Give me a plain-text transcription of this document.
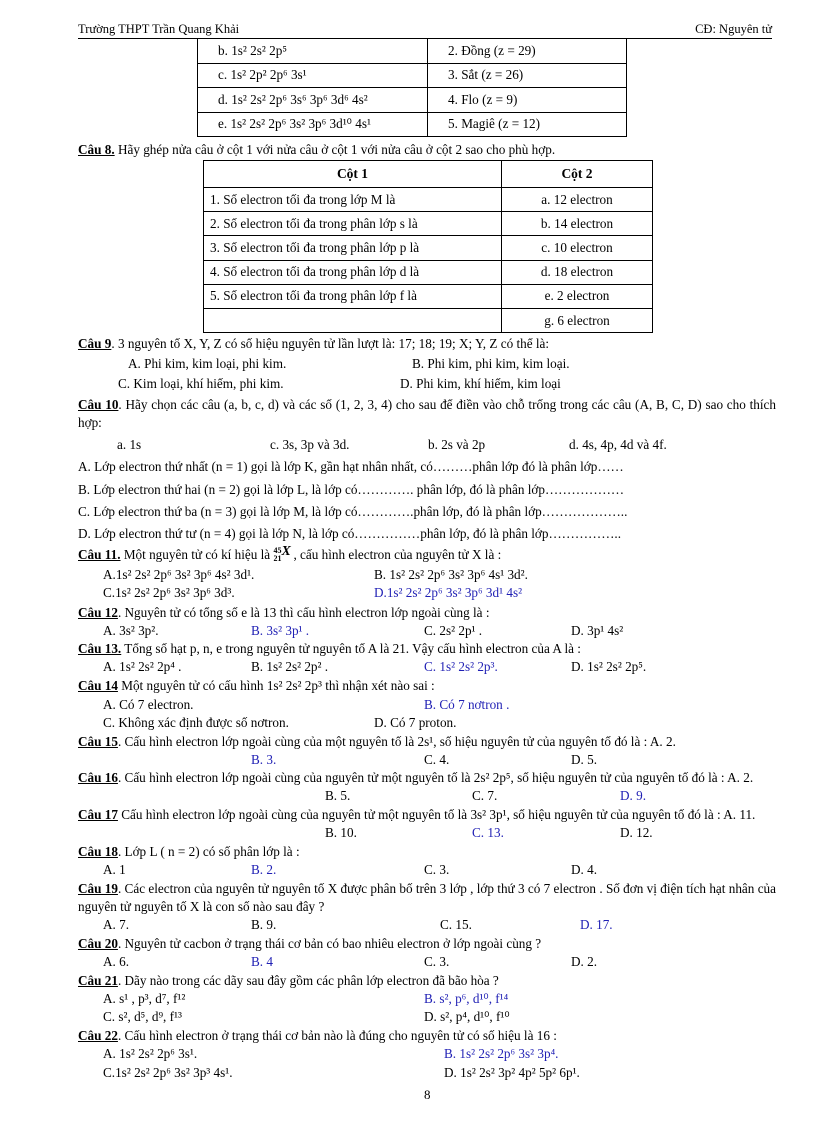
Trường THPT Trần Quang Khải	CĐ: Nguyên tử
b. 1s² 2s² 2p⁵	2. Đồng (z = 29)
c. 1s² 2p² 2p⁶ 3s¹	3. Sắt (z = 26)
d. 1s² 2s² 2p⁶ 3s⁶ 3p⁶ 3d⁶ 4s²	4. Flo (z = 9)
e. 1s² 2s² 2p⁶ 3s² 3p⁶ 3d¹⁰ 4s¹	5. Magiê (z = 12)
Câu 8. Hãy ghép nửa câu ở cột 1 với nửa câu ở cột 1 với nửa câu ở cột 2 sao cho phù hợp.
Cột 1	Cột 2
1. Số electron tối đa trong lớp M là	a. 12 electron
2. Số electron tối đa trong phân lớp s là	b. 14 electron
3. Số electron tối đa trong phân lớp p là	c. 10 electron
4. Số electron tối đa trong phân lớp d là	d. 18 electron
5. Số electron tối đa trong phân lớp f là	e. 2 electron
	g. 6 electron
Câu 9. 3 nguyên tố X, Y, Z có số hiệu nguyên tử lần lượt là: 17; 18; 19; X; Y, Z có thể là:
A. Phi kim, kim loại, phi kim.	B. Phi kim, phi kim, kim loại.
C. Kim loại, khí hiếm, phi kim.	D. Phi kim, khí hiếm, kim loại
Câu 10. Hãy chọn các câu (a, b, c, d) và các số (1, 2, 3, 4) cho sau để điền vào chỗ trống trong các câu (A, B, C, D) sao cho thích hợp:
a. 1s	c. 3s, 3p và 3d.	b. 2s và 2p	d. 4s, 4p, 4d và 4f.
A. Lớp electron thứ nhất (n = 1) gọi là lớp K, gần hạt nhân nhất, có………phân lớp đó là phân lớp……
B. Lớp electron thứ hai (n = 2) gọi là lớp L, là lớp có…………. phân lớp, đó là phân lớp………………
C. Lớp electron thứ ba (n = 3) gọi là lớp M, là lớp có………….phân lớp, đó là phân lớp………………..
D. Lớp electron thứ tư (n = 4) gọi là lớp N, là lớp có……………phân lớp, đó là phân lớp……………..
Câu 11. Một nguyên tử có kí hiệu là 45
21 X , cấu hình electron của nguyên tử X là :
A.1s² 2s² 2p⁶ 3s² 3p⁶ 4s² 3d¹.	B. 1s² 2s² 2p⁶ 3s² 3p⁶ 4s¹ 3d².
C.1s² 2s² 2p⁶ 3s² 3p⁶ 3d³.	D.1s² 2s² 2p⁶ 3s² 3p⁶ 3d¹ 4s²
Câu 12. Nguyên tử có tổng số e là 13 thì cấu hình electron lớp ngoài cùng là :
A. 3s² 3p².	B. 3s² 3p¹ .	C. 2s² 2p¹ .	D. 3p¹ 4s²
Câu 13. Tổng số hạt p, n, e trong nguyên tử nguyên tố A là 21. Vậy cấu hình electron của A là :
A. 1s² 2s² 2p⁴ .	B. 1s² 2s² 2p² .	C. 1s² 2s² 2p³.	D. 1s² 2s² 2p⁵.
Câu 14 Một nguyên tử có cấu hình 1s² 2s² 2p³ thì nhận xét nào sai :
A. Có 7 electron.	B. Có 7 nơtron .
C. Không xác định được số nơtron.	D. Có 7 proton.
Câu 15. Cấu hình electron lớp ngoài cùng của một nguyên tố là 2s¹, số hiệu nguyên tử của nguyên tố đó là : A. 2.
B. 3.	C. 4.	D. 5.
Câu 16. Cấu hình electron lớp ngoài cùng của nguyên tử một nguyên tố là 2s² 2p⁵, số hiệu nguyên tử của nguyên tố đó là : A. 2.
B. 5.	C. 7.	D. 9.
Câu 17 Cấu hình electron lớp ngoài cùng của nguyên tử một nguyên tố là 3s² 3p¹, số hiệu nguyên tử của nguyên tố đó là : A. 11.
B. 10.	C. 13.	D. 12.
Câu 18. Lớp L ( n = 2) có số phân lớp là :
A. 1	B. 2.	C. 3.	D. 4.
Câu 19. Các electron của nguyên tử nguyên tố X được phân bố trên 3 lớp , lớp thứ 3 có 7 electron . Số đơn vị điện tích hạt nhân của nguyên tử nguyên tố X là con số nào sau đây ?
A. 7.	B. 9.	C. 15.	D. 17.
Câu 20. Nguyên tử cacbon ở trạng thái cơ bản có bao nhiêu electron ở lớp ngoài cùng ?
A. 6.	B. 4	C. 3.	D. 2.
Câu 21. Dãy nào trong các dãy sau đây gồm các phân lớp electron đã bão hòa ?
A. s¹ , p³, d⁷, f¹²	B. s², p⁶, d¹⁰, f¹⁴
C. s², d⁵, d⁹, f¹³	D. s², p⁴, d¹⁰, f¹⁰
Câu 22. Cấu hình electron ở trạng thái cơ bản nào là đúng cho nguyên tử có số hiệu là 16 :
A. 1s² 2s² 2p⁶ 3s¹.	B. 1s² 2s² 2p⁶ 3s² 3p⁴.
C.1s² 2s² 2p⁶ 3s² 3p³ 4s¹.	D. 1s² 2s² 3p² 4p² 5p² 6p¹.
8
